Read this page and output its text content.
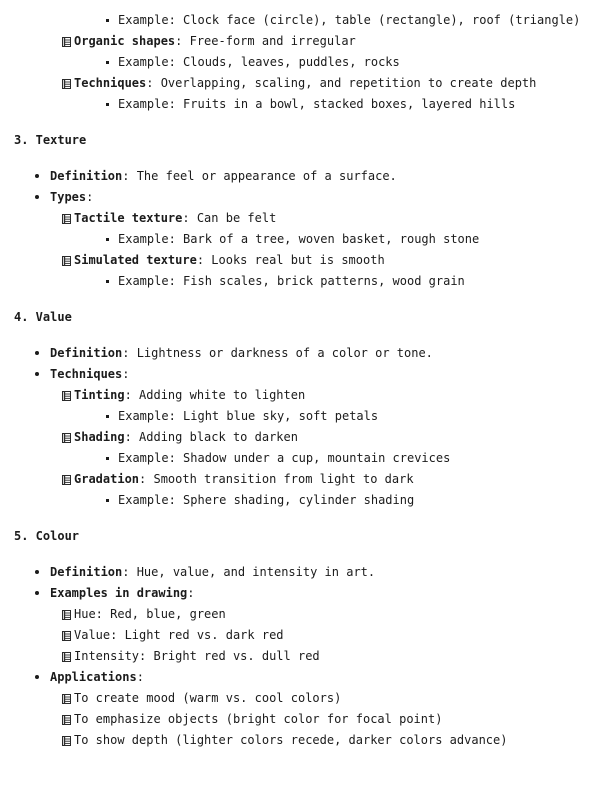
Example: Clock face (circle), table (rectangle), roof (triangle)
Organic shapes: Free-form and irregular
Example: Clouds, leaves, puddles, rocks
Techniques: Overlapping, scaling, and repetition to create depth
Example: Fruits in a bowl, stacked boxes, layered hills
3. Texture
Definition: The feel or appearance of a surface.
Types:
Tactile texture: Can be felt
Example: Bark of a tree, woven basket, rough stone
Simulated texture: Looks real but is smooth
Example: Fish scales, brick patterns, wood grain
4. Value
Definition: Lightness or darkness of a color or tone.
Techniques:
Tinting: Adding white to lighten
Example: Light blue sky, soft petals
Shading: Adding black to darken
Example: Shadow under a cup, mountain crevices
Gradation: Smooth transition from light to dark
Example: Sphere shading, cylinder shading
5. Colour
Definition: Hue, value, and intensity in art.
Examples in drawing:
Hue: Red, blue, green
Value: Light red vs. dark red
Intensity: Bright red vs. dull red
Applications:
To create mood (warm vs. cool colors)
To emphasize objects (bright color for focal point)
To show depth (lighter colors recede, darker colors advance)
